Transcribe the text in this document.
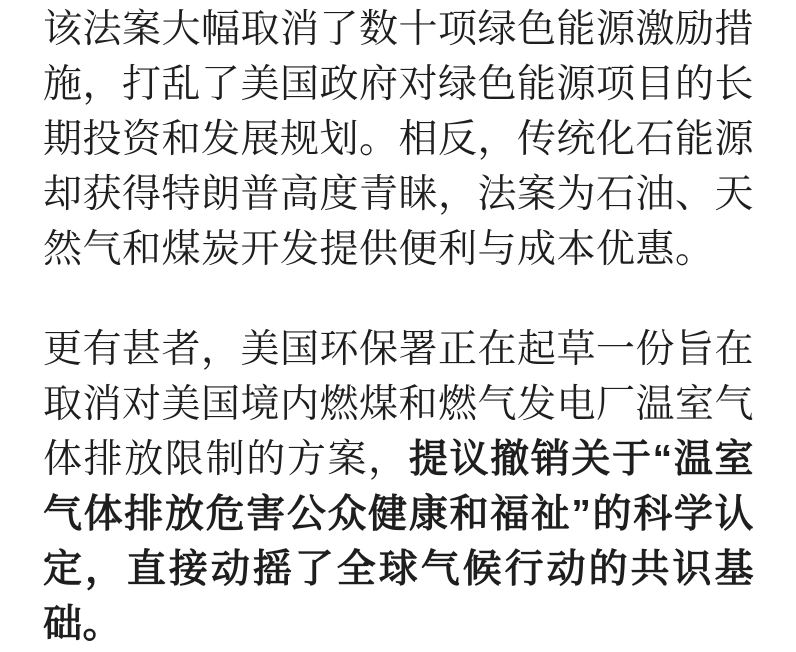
该法案大幅取消了数十项绿色能源激励措施，打乱了美国政府对绿色能源项目的长期投资和发展规划。相反，传统化石能源却获得特朗普高度青睐，法案为石油、天然气和煤炭开发提供便利与成本优惠。

更有甚者，美国环保署正在起草一份旨在取消对美国境内燃煤和燃气发电厂温室气体排放限制的方案，提议撤销关于“温室气体排放危害公众健康和福祉”的科学认定，直接动摇了全球气候行动的共识基础。
